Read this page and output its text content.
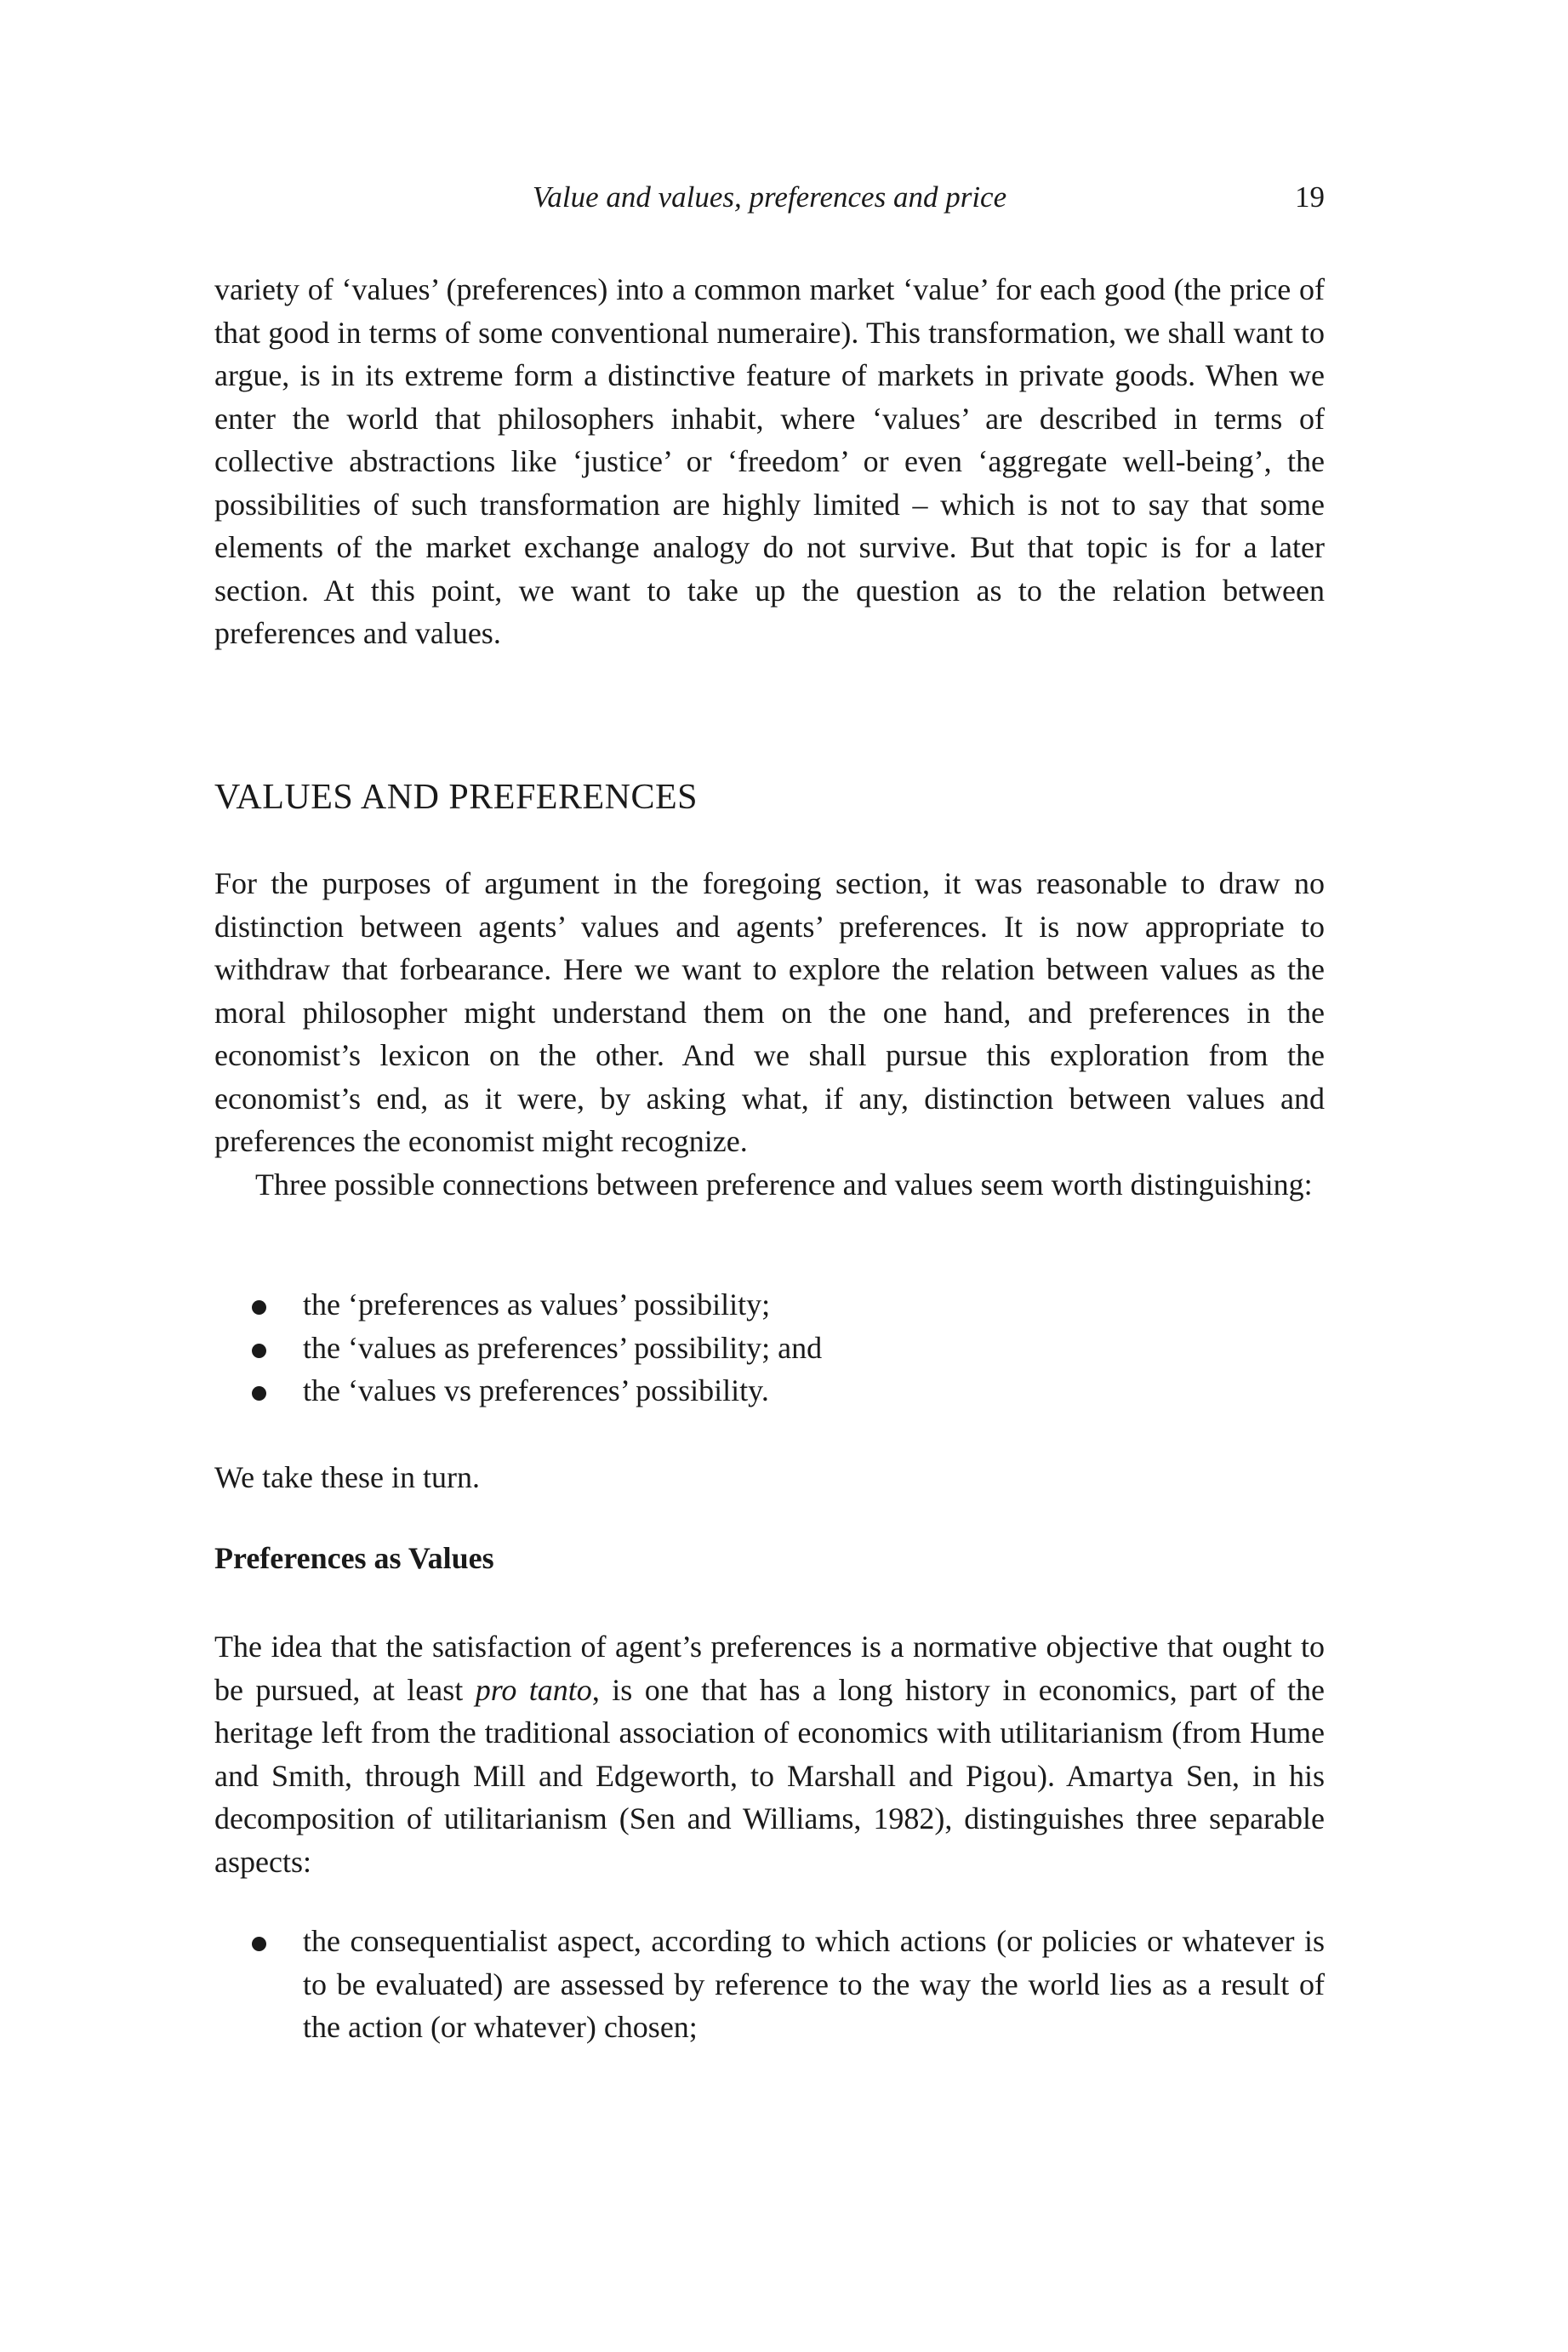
Value and values, preferences and price	19

variety of ‘values’ (preferences) into a common market ‘value’ for each good (the price of that good in terms of some conventional numeraire). This transformation, we shall want to argue, is in its extreme form a distinctive feature of markets in private goods. When we enter the world that philosophers inhabit, where ‘values’ are described in terms of collective abstractions like ‘justice’ or ‘freedom’ or even ‘aggregate well-being’, the possibilities of such transformation are highly limited – which is not to say that some elements of the market exchange analogy do not survive. But that topic is for a later section. At this point, we want to take up the question as to the relation between preferences and values.

VALUES AND PREFERENCES

For the purposes of argument in the foregoing section, it was reasonable to draw no distinction between agents’ values and agents’ preferences. It is now appropriate to withdraw that forbearance. Here we want to explore the relation between values as the moral philosopher might understand them on the one hand, and preferences in the economist’s lexicon on the other. And we shall pursue this exploration from the economist’s end, as it were, by asking what, if any, distinction between values and preferences the economist might recognize.

Three possible connections between preference and values seem worth distinguishing:

the ‘preferences as values’ possibility;
the ‘values as preferences’ possibility; and
the ‘values vs preferences’ possibility.

We take these in turn.

Preferences as Values

The idea that the satisfaction of agent’s preferences is a normative objective that ought to be pursued, at least pro tanto, is one that has a long history in economics, part of the heritage left from the traditional association of economics with utilitarianism (from Hume and Smith, through Mill and Edgeworth, to Marshall and Pigou). Amartya Sen, in his decomposition of utilitarianism (Sen and Williams, 1982), distinguishes three separable aspects:

the consequentialist aspect, according to which actions (or policies or whatever is to be evaluated) are assessed by reference to the way the world lies as a result of the action (or whatever) chosen;
